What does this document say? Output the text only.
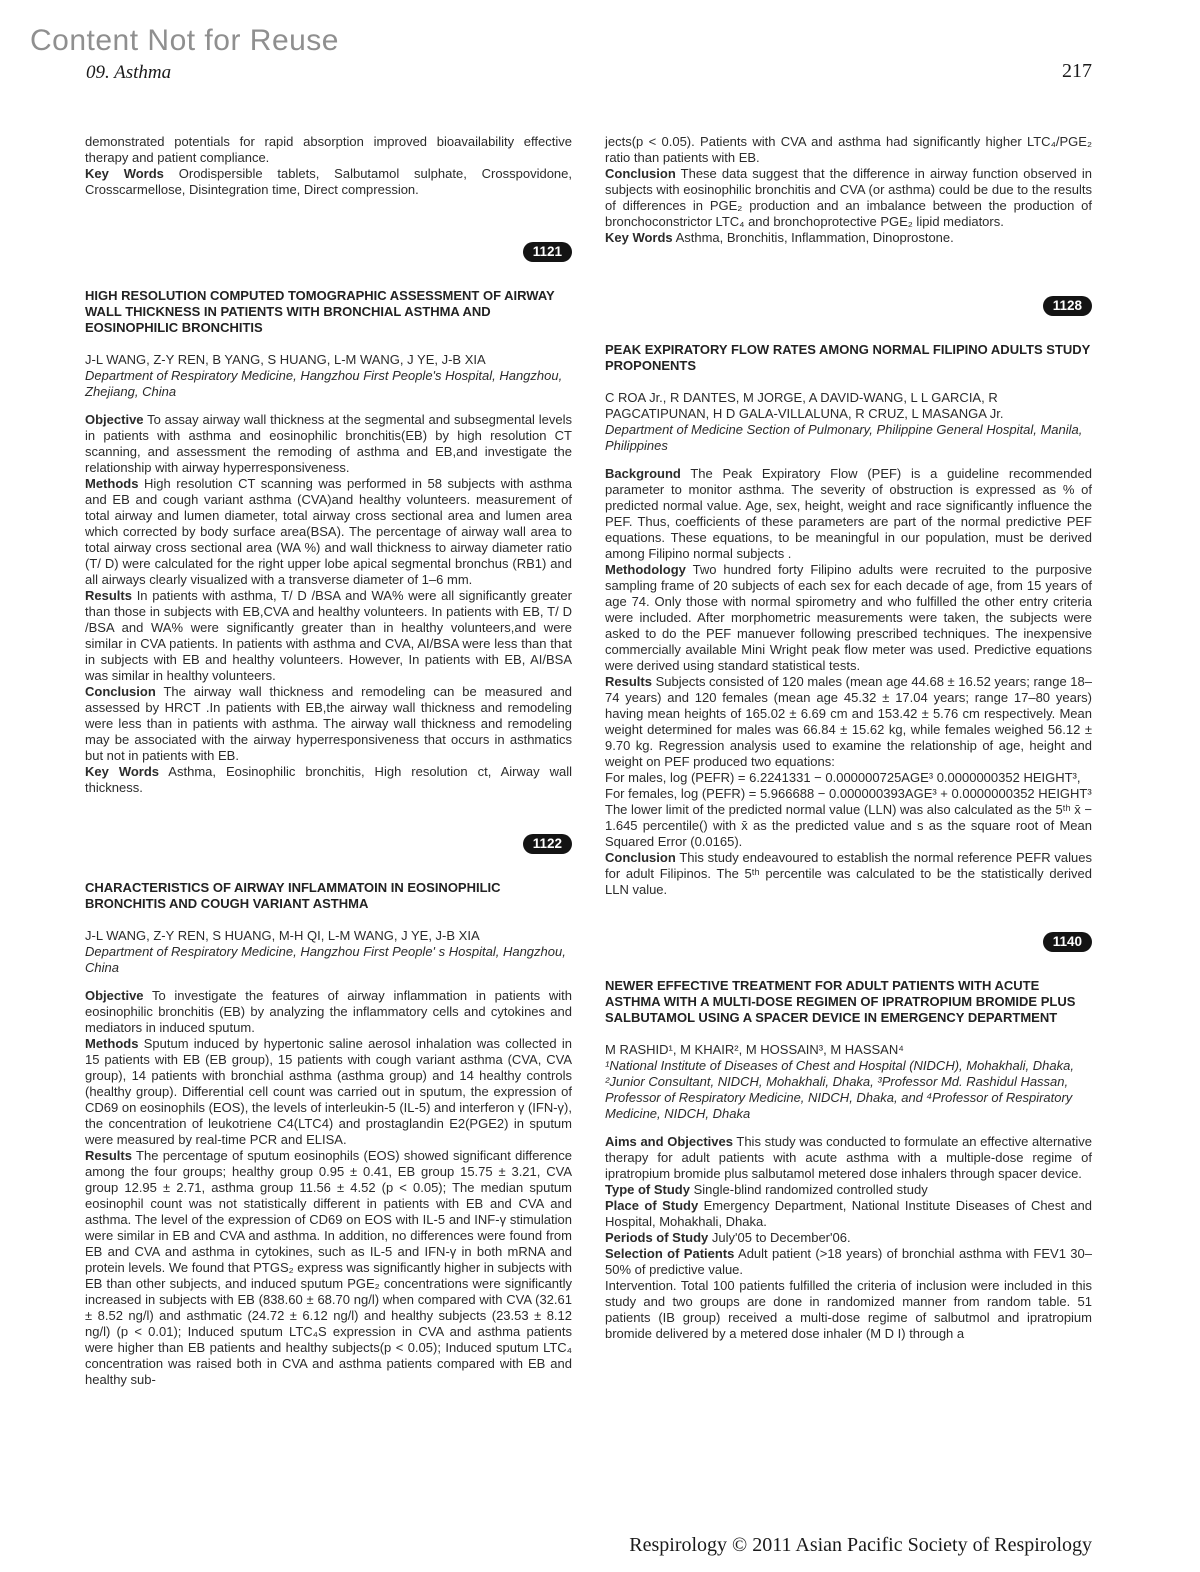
Content Not for Reuse
09. Asthma	217

demonstrated potentials for rapid absorption improved bioavailability effective therapy and patient compliance.

Key Words Orodispersible tablets, Salbutamol sulphate, Crosspovidone, Crosscarmellose, Disintegration time, Direct compression.

1121

HIGH RESOLUTION COMPUTED TOMOGRAPHIC ASSESSMENT OF AIRWAY WALL THICKNESS IN PATIENTS WITH BRONCHIAL ASTHMA AND EOSINOPHILIC BRONCHITIS

J-L WANG, Z-Y REN, B YANG, S HUANG, L-M WANG, J YE, J-B XIA

Department of Respiratory Medicine, Hangzhou First People's Hospital, Hangzhou, Zhejiang, China

Objective To assay airway wall thickness at the segmental and subsegmental levels in patients with asthma and eosinophilic bronchitis(EB) by high resolution CT scanning, and assessment the remoding of asthma and EB,and investigate the relationship with airway hyperresponsiveness.

Methods High resolution CT scanning was performed in 58 subjects with asthma and EB and cough variant asthma (CVA)and healthy volunteers. measurement of total airway and lumen diameter, total airway cross sectional area and lumen area which corrected by body surface area(BSA). The percentage of airway wall area to total airway cross sectional area (WA %) and wall thickness to airway diameter ratio (T/ D) were calculated for the right upper lobe apical segmental bronchus (RB1) and all airways clearly visualized with a transverse diameter of 1–6 mm.

Results In patients with asthma, T/ D /BSA and WA% were all significantly greater than those in subjects with EB,CVA and healthy volunteers. In patients with EB, T/ D /BSA and WA% were significantly greater than in healthy volunteers,and were similar in CVA patients. In patients with asthma and CVA, AI/BSA were less than that in subjects with EB and healthy volunteers. However, In patients with EB, AI/BSA was similar in healthy volunteers.

Conclusion The airway wall thickness and remodeling can be measured and assessed by HRCT .In patients with EB,the airway wall thickness and remodeling were less than in patients with asthma. The airway wall thickness and remodeling may be associated with the airway hyperresponsiveness that occurs in asthmatics but not in patients with EB.

Key Words Asthma, Eosinophilic bronchitis, High resolution ct, Airway wall thickness.

1122

CHARACTERISTICS OF AIRWAY INFLAMMATOIN IN EOSINOPHILIC BRONCHITIS AND COUGH VARIANT ASTHMA

J-L WANG, Z-Y REN, S HUANG, M-H QI, L-M WANG, J YE, J-B XIA

Department of Respiratory Medicine, Hangzhou First People' s Hospital, Hangzhou, China

Objective To investigate the features of airway inflammation in patients with eosinophilic bronchitis (EB) by analyzing the inflammatory cells and cytokines and mediators in induced sputum.

Methods Sputum induced by hypertonic saline aerosol inhalation was collected in 15 patients with EB (EB group), 15 patients with cough variant asthma (CVA, CVA group), 14 patients with bronchial asthma (asthma group) and 14 healthy controls (healthy group). Differential cell count was carried out in sputum, the expression of CD69 on eosinophils (EOS), the levels of interleukin-5 (IL-5) and interferon γ (IFN-γ), the concentration of leukotriene C4(LTC4) and prostaglandin E2(PGE2) in sputum were measured by real-time PCR and ELISA.

Results The percentage of sputum eosinophils (EOS) showed significant difference among the four groups; healthy group 0.95 ± 0.41, EB group 15.75 ± 3.21, CVA group 12.95 ± 2.71, asthma group 11.56 ± 4.52 (p < 0.05); The median sputum eosinophil count was not statistically different in patients with EB and CVA and asthma. The level of the expression of CD69 on EOS with IL-5 and INF-γ stimulation were similar in EB and CVA and asthma. In addition, no differences were found from EB and CVA and asthma in cytokines, such as IL-5 and IFN-γ in both mRNA and protein levels. We found that PTGS₂ express was significantly higher in subjects with EB than other subjects, and induced sputum PGE₂ concentrations were significantly increased in subjects with EB (838.60 ± 68.70 ng/l) when compared with CVA (32.61 ± 8.52 ng/l) and asthmatic (24.72 ± 6.12 ng/l) and healthy subjects (23.53 ± 8.12 ng/l) (p < 0.01); Induced sputum LTC₄S expression in CVA and asthma patients were higher than EB patients and healthy subjects(p < 0.05); Induced sputum LTC₄ concentration was raised both in CVA and asthma patients compared with EB and healthy sub-

jects(p < 0.05). Patients with CVA and asthma had significantly higher LTC₄/PGE₂ ratio than patients with EB.

Conclusion These data suggest that the difference in airway function observed in subjects with eosinophilic bronchitis and CVA (or asthma) could be due to the results of differences in PGE₂ production and an imbalance between the production of bronchoconstrictor LTC₄ and bronchoprotective PGE₂ lipid mediators.

Key Words Asthma, Bronchitis, Inflammation, Dinoprostone.

1128

PEAK EXPIRATORY FLOW RATES AMONG NORMAL FILIPINO ADULTS STUDY PROPONENTS

C ROA Jr., R DANTES, M JORGE, A DAVID-WANG, L L GARCIA, R PAGCATIPUNAN, H D GALA-VILLALUNA, R CRUZ, L MASANGA Jr.

Department of Medicine Section of Pulmonary, Philippine General Hospital, Manila, Philippines

Background The Peak Expiratory Flow (PEF) is a guideline recommended parameter to monitor asthma. The severity of obstruction is expressed as % of predicted normal value. Age, sex, height, weight and race significantly influence the PEF. Thus, coefficients of these parameters are part of the normal predictive PEF equations. These equations, to be meaningful in our population, must be derived among Filipino normal subjects .

Methodology Two hundred forty Filipino adults were recruited to the purposive sampling frame of 20 subjects of each sex for each decade of age, from 15 years of age 74. Only those with normal spirometry and who fulfilled the other entry criteria were included. After morphometric measurements were taken, the subjects were asked to do the PEF manuever following prescribed techniques. The inexpensive commercially available Mini Wright peak flow meter was used. Predictive equations were derived using standard statistical tests.

Results Subjects consisted of 120 males (mean age 44.68 ± 16.52 years; range 18–74 years) and 120 females (mean age 45.32 ± 17.04 years; range 17–80 years) having mean heights of 165.02 ± 6.69 cm and 153.42 ± 5.76 cm respectively. Mean weight determined for males was 66.84 ± 15.62 kg, while females weighed 56.12 ± 9.70 kg. Regression analysis used to examine the relationship of age, height and weight on PEF produced two equations:

For males, log (PEFR) = 6.2241331 − 0.000000725AGE³ 0.0000000352 HEIGHT³,

For females, log (PEFR) = 5.966688 − 0.000000393AGE³ + 0.0000000352 HEIGHT³

The lower limit of the predicted normal value (LLN) was also calculated as the 5ᵗʰ x̄ − 1.645 percentile() with x̄ as the predicted value and s as the square root of Mean Squared Error (0.0165).

Conclusion This study endeavoured to establish the normal reference PEFR values for adult Filipinos. The 5ᵗʰ percentile was calculated to be the statistically derived LLN value.

1140

NEWER EFFECTIVE TREATMENT FOR ADULT PATIENTS WITH ACUTE ASTHMA WITH A MULTI-DOSE REGIMEN OF IPRATROPIUM BROMIDE PLUS SALBUTAMOL USING A SPACER DEVICE IN EMERGENCY DEPARTMENT

M RASHID¹, M KHAIR², M HOSSAIN³, M HASSAN⁴

¹National Institute of Diseases of Chest and Hospital (NIDCH), Mohakhali, Dhaka, ²Junior Consultant, NIDCH, Mohakhali, Dhaka, ³Professor Md. Rashidul Hassan, Professor of Respiratory Medicine, NIDCH, Dhaka, and ⁴Professor of Respiratory Medicine, NIDCH, Dhaka

Aims and Objectives This study was conducted to formulate an effective alternative therapy for adult patients with acute asthma with a multiple-dose regime of ipratropium bromide plus salbutamol metered dose inhalers through spacer device.

Type of Study Single-blind randomized controlled study

Place of Study Emergency Department, National Institute Diseases of Chest and Hospital, Mohakhali, Dhaka.

Periods of Study July'05 to December'06.

Selection of Patients Adult patient (>18 years) of bronchial asthma with FEV1 30–50% of predictive value.

Intervention. Total 100 patients fulfilled the criteria of inclusion were included in this study and two groups are done in randomized manner from random table. 51 patients (IB group) received a multi-dose regime of salbutmol and ipratropium bromide delivered by a metered dose inhaler (M D I) through a

Respirology © 2011 Asian Pacific Society of Respirology
